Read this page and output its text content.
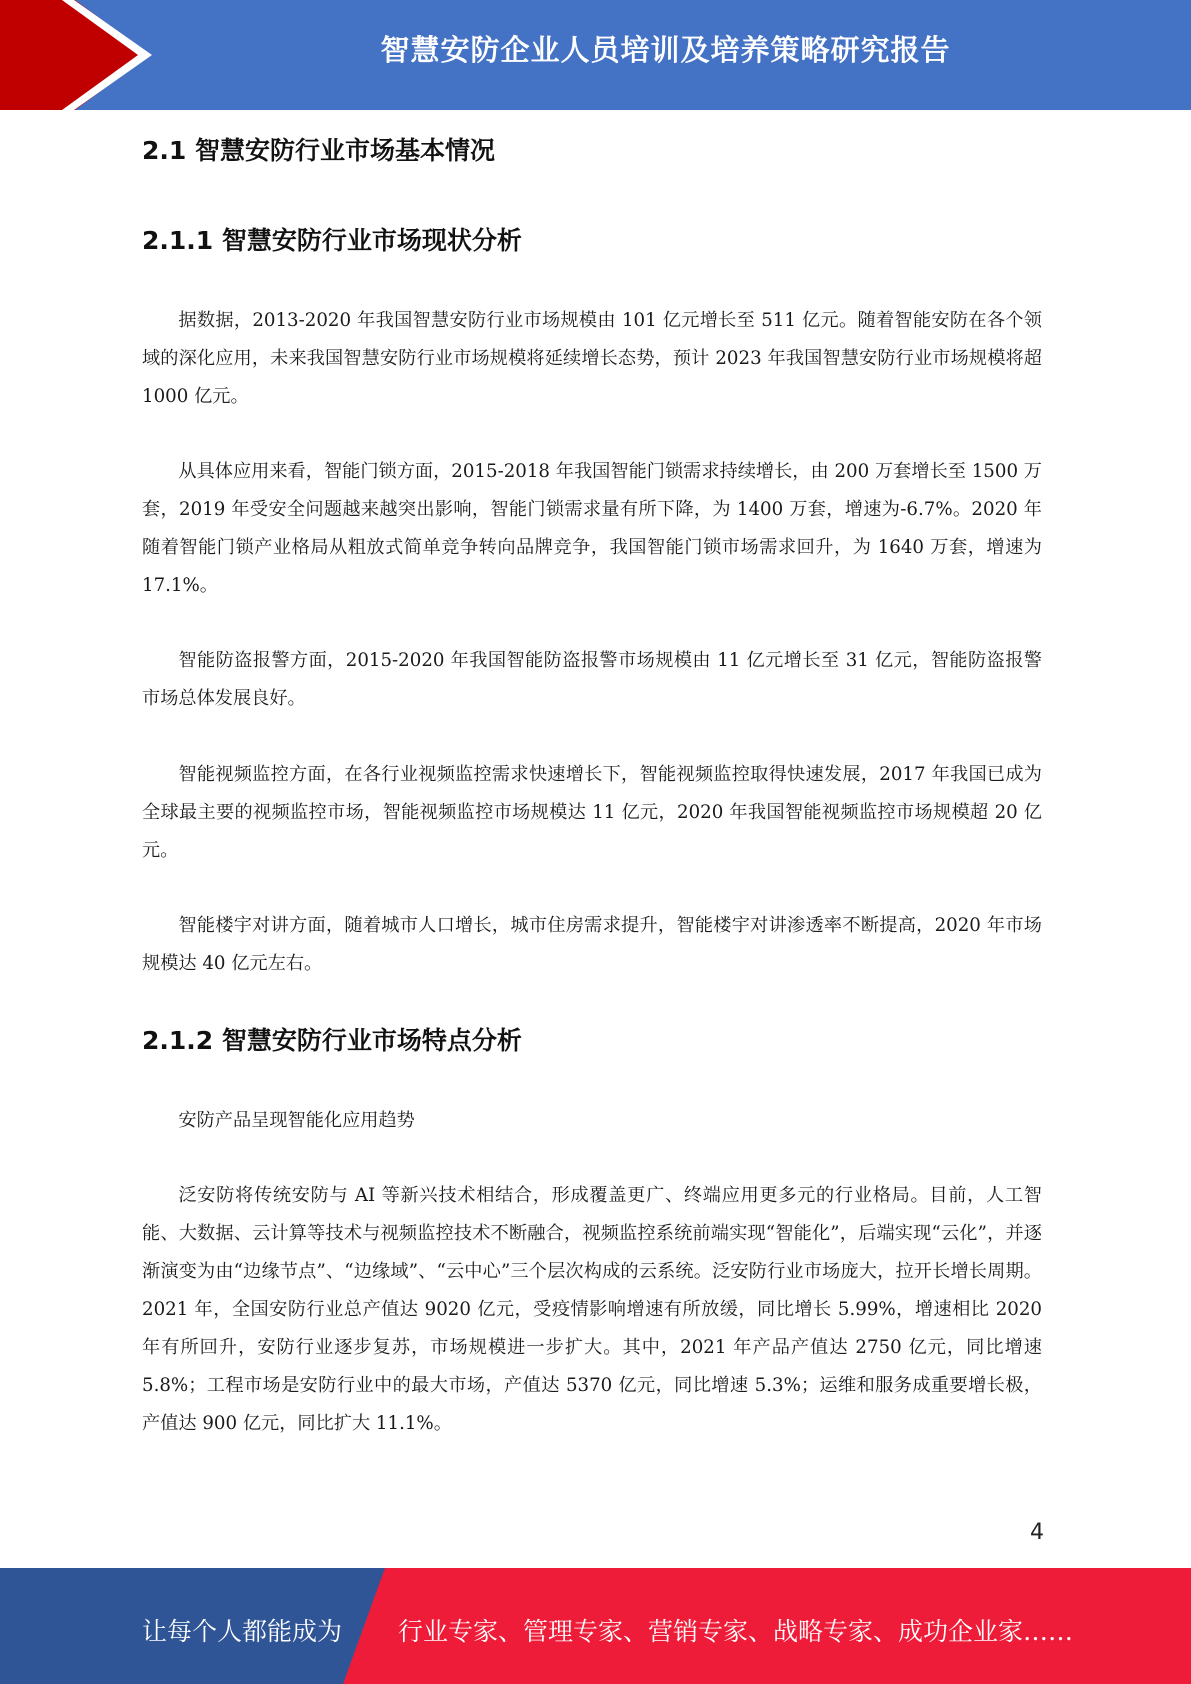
智慧安防企业人员培训及培养策略研究报告
2.1 智慧安防行业市场基本情况
2.1.1 智慧安防行业市场现状分析

据数据，2013-2020 年我国智慧安防行业市场规模由 101 亿元增长至 511 亿元。随着智能安防在各个领域的深化应用，未来我国智慧安防行业市场规模将延续增长态势，预计 2023 年我国智慧安防行业市场规模将超 1000 亿元。

从具体应用来看，智能门锁方面，2015-2018 年我国智能门锁需求持续增长，由 200 万套增长至 1500 万套，2019 年受安全问题越来越突出影响，智能门锁需求量有所下降，为 1400 万套，增速为-6.7%。2020 年随着智能门锁产业格局从粗放式简单竞争转向品牌竞争，我国智能门锁市场需求回升，为 1640 万套，增速为 17.1%。

智能防盗报警方面，2015-2020 年我国智能防盗报警市场规模由 11 亿元增长至 31 亿元，智能防盗报警市场总体发展良好。

智能视频监控方面，在各行业视频监控需求快速增长下，智能视频监控取得快速发展，2017 年我国已成为全球最主要的视频监控市场，智能视频监控市场规模达 11 亿元，2020 年我国智能视频监控市场规模超 20 亿元。

智能楼宇对讲方面，随着城市人口增长，城市住房需求提升，智能楼宇对讲渗透率不断提高，2020 年市场规模达 40 亿元左右。

2.1.2 智慧安防行业市场特点分析

安防产品呈现智能化应用趋势

泛安防将传统安防与 AI 等新兴技术相结合，形成覆盖更广、终端应用更多元的行业格局。目前，人工智能、大数据、云计算等技术与视频监控技术不断融合，视频监控系统前端实现“智能化”，后端实现“云化”，并逐渐演变为由“边缘节点”、“边缘域”、“云中心”三个层次构成的云系统。泛安防行业市场庞大，拉开长增长周期。2021 年，全国安防行业总产值达 9020 亿元，受疫情影响增速有所放缓，同比增长 5.99%，增速相比 2020 年有所回升，安防行业逐步复苏，市场规模进一步扩大。其中，2021 年产品产值达 2750 亿元，同比增速 5.8%；工程市场是安防行业中的最大市场，产值达 5370 亿元，同比增速 5.3%；运维和服务成重要增长极，产值达 900 亿元，同比扩大 11.1%。

4
让每个人都能成为 行业专家、管理专家、营销专家、战略专家、成功企业家……
